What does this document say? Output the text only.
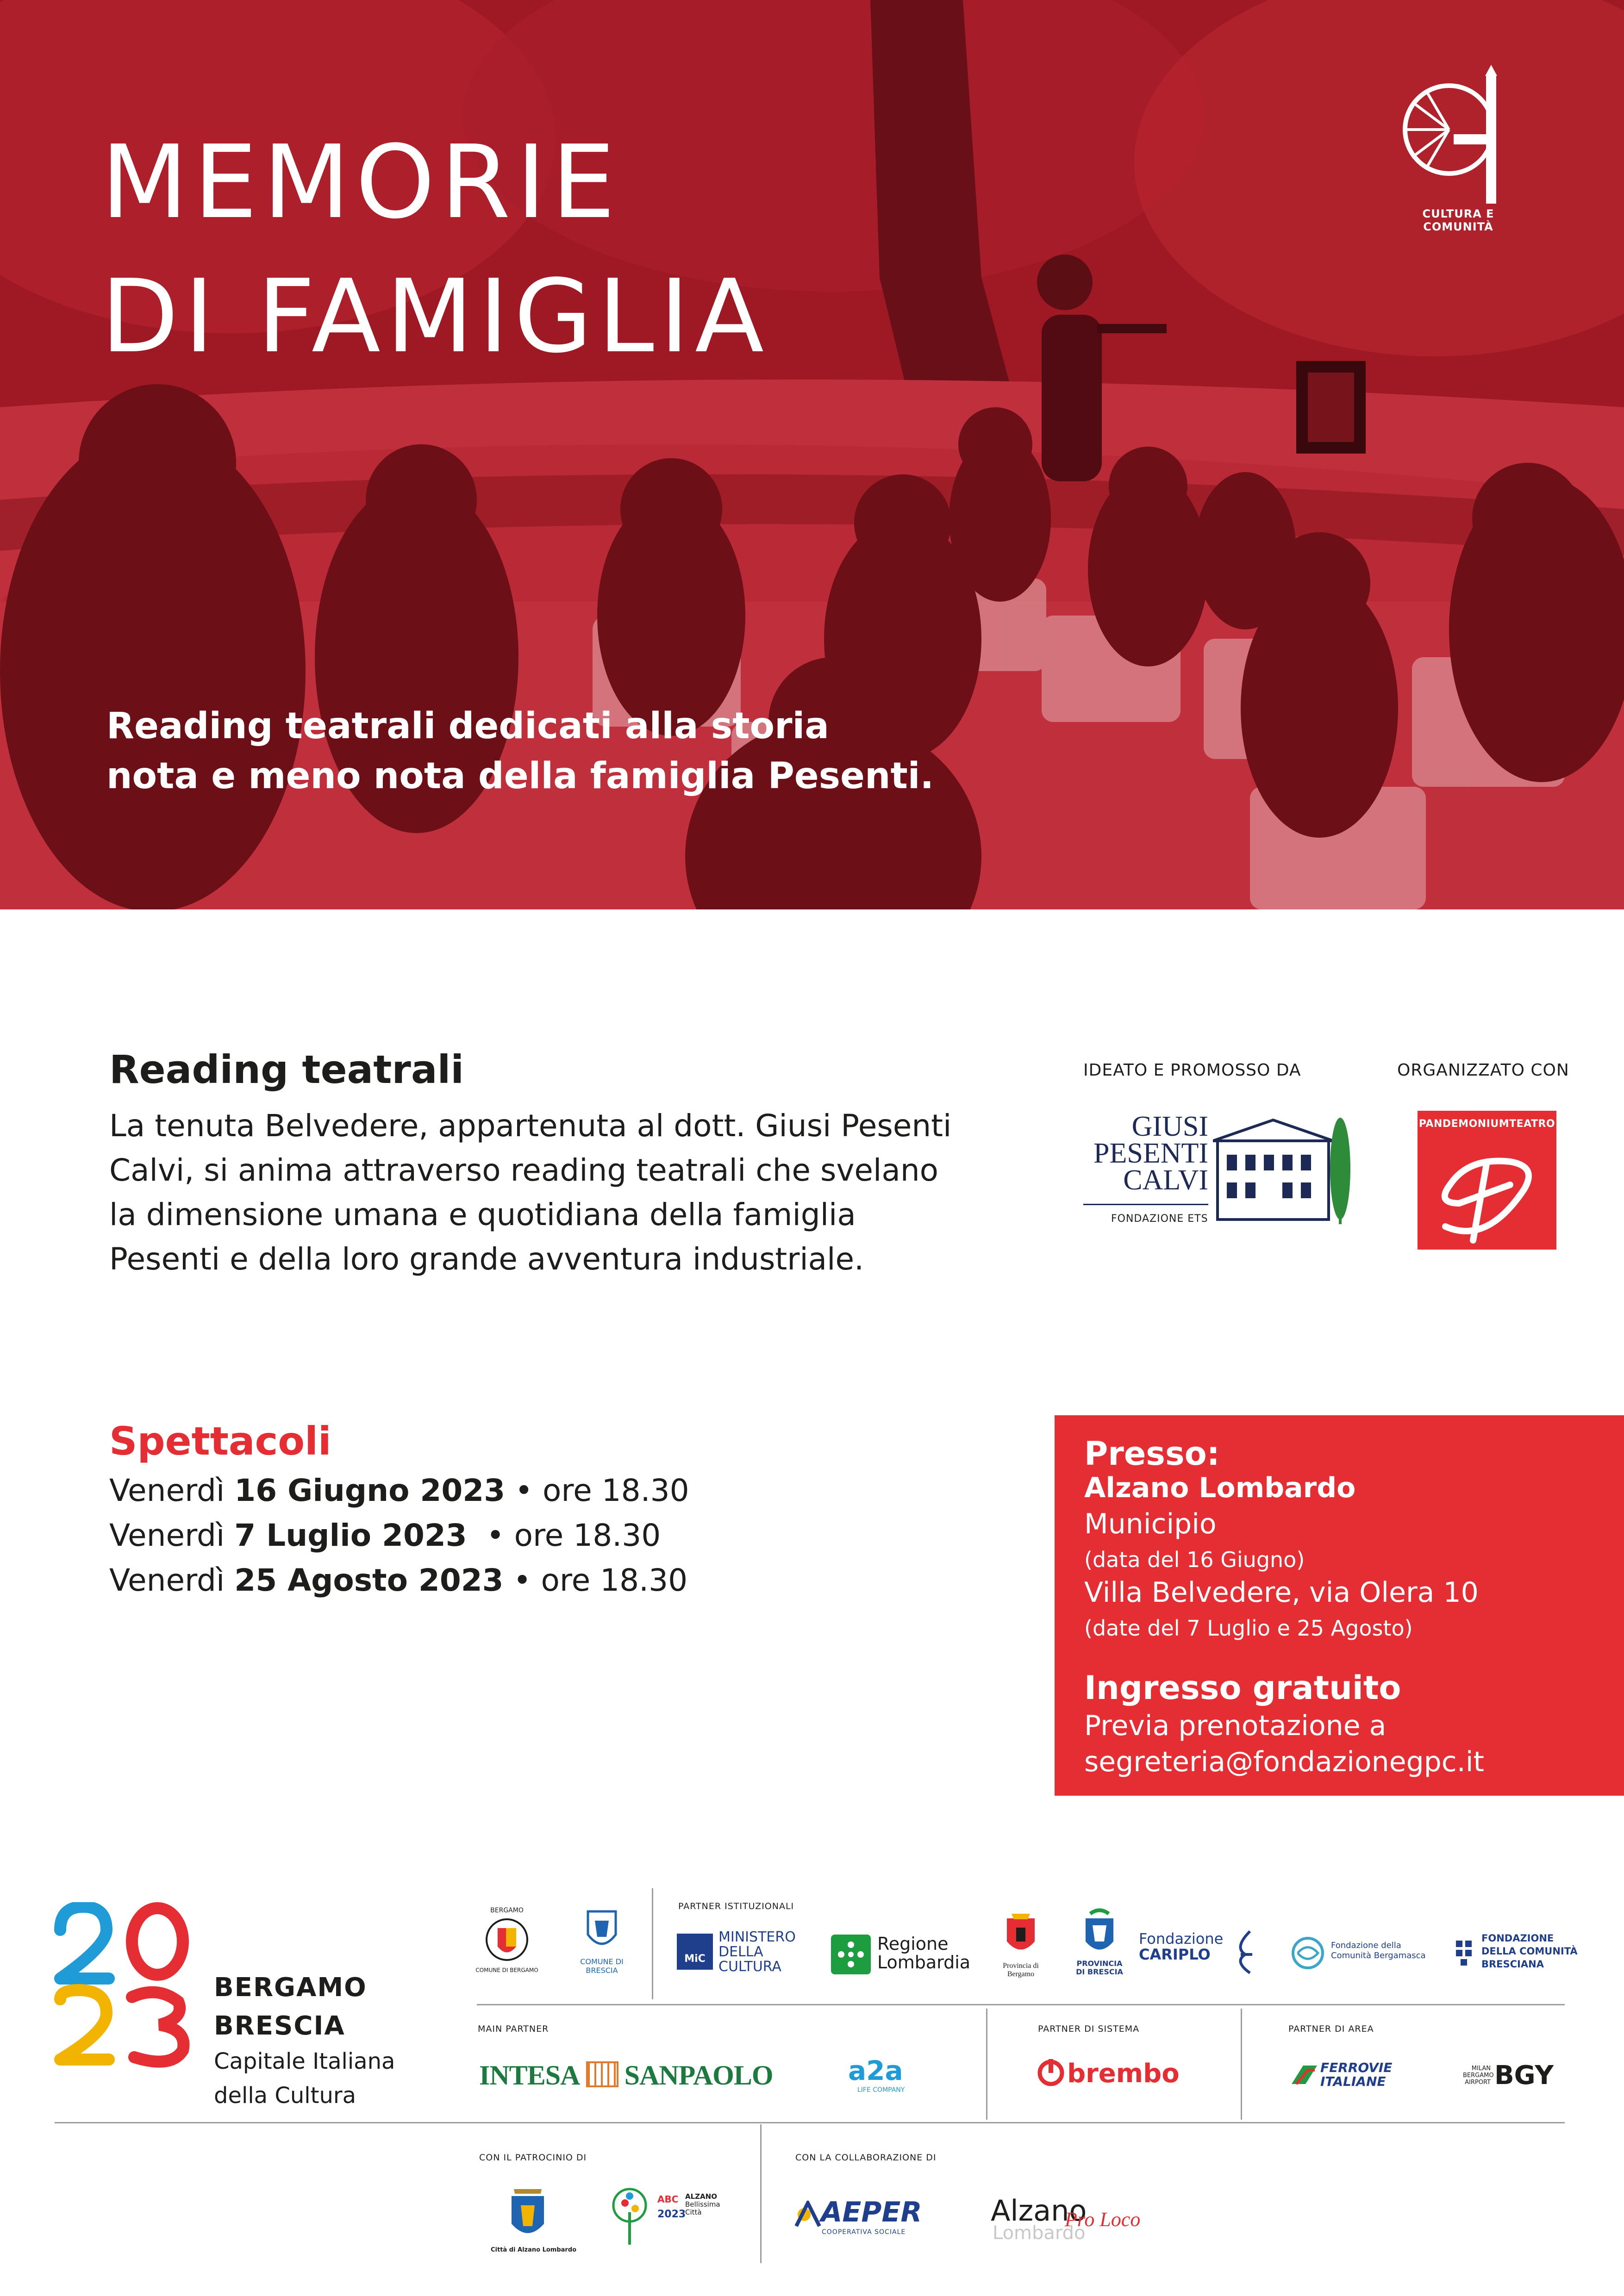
MEMORIE
DI FAMIGLIA
Reading teatrali dedicati alla storia
nota e meno nota della famiglia Pesenti.
CULTURA E COMUNITÀ
Reading teatrali
La tenuta Belvedere, appartenuta al dott. Giusi Pesenti
Calvi, si anima attraverso reading teatrali che svelano
la dimensione umana e quotidiana della famiglia
Pesenti e della loro grande avventura industriale.
IDEATO E PROMOSSO DA	ORGANIZZATO CON
GIUSI
PESENTI
CALVI
FONDAZIONE ETS
PANDEMONIUMTEATRO
Spettacoli
Venerdì 16 Giugno 2023 • ore 18.30
Venerdì 7 Luglio 2023  • ore 18.30
Venerdì 25 Agosto 2023 • ore 18.30
Presso:
Alzano Lombardo
Municipio
(data del 16 Giugno)
Villa Belvedere, via Olera 10
(date del 7 Luglio e 25 Agosto)
Ingresso gratuito
Previa prenotazione a
segreteria@fondazionegpc.it
BERGAMO
BRESCIA
Capitale Italiana
della Cultura
BERGAMO
COMUNE DI BERGAMO
COMUNE DI BRESCIA
PARTNER ISTITUZIONALI
MiC
MINISTERO
DELLA
CULTURA
Regione
Lombardia	Provincia di
Bergamo
PROVINCIA
DI BRESCIA
Fondazione
CARIPLO
Fondazione della
Comunità Bergamasca
FONDAZIONE
DELLA COMUNITÀ
BRESCIANA
MAIN PARTNER	PARTNER DI SISTEMA	PARTNER DI AREA
INTESA SANPAOLO	a2a
LIFE COMPANY
brembo	FERROVIE
ITALIANE
MILAN
BERGAMO
AIRPORT BGY
CON IL PATROCINIO DI	CON LA COLLABORAZIONE DI
Città di Alzano Lombardo
ABC
2023
ALZANO
Bellissima
Città	AEPER
COOPERATIVA SOCIALE
Alzano
Lombardo
Pro Loco
